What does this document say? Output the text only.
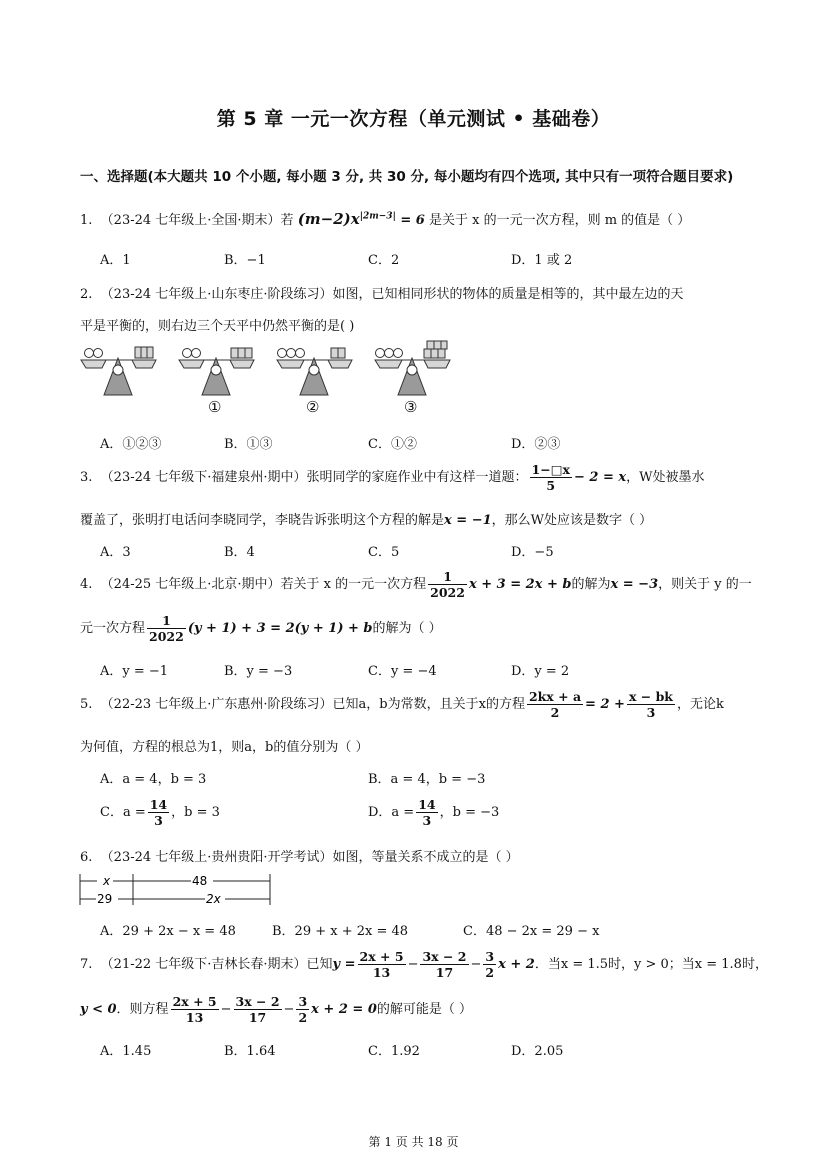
第 5 章 一元一次方程（单元测试 • 基础卷）
一、选择题(本大题共 10 个小题, 每小题 3 分, 共 30 分, 每小题均有四个选项, 其中只有一项符合题目要求)
1. （23-24 七年级上·全国·期末）若 $(m-2)x^{|2m-3|} = 6$ 是关于 x 的一元一次方程，则 m 的值是（ ）
A．1	B．−1	C．2	D．1 或 2
2. （23-24 七年级上·山东枣庄·阶段练习）如图，已知相同形状的物体的质量是相等的，其中最左边的天
平是平衡的，则右边三个天平中仍然平衡的是( )
①	②	③
A．①②③	B．①③	C．①②	D．②③
3. （23-24 七年级下·福建泉州·期中）张明同学的家庭作业中有这样一道题： $\frac{1-□x}{5} - 2 = x$，W处被墨水
覆盖了，张明打电话问李晓同学，李晓告诉张明这个方程的解是x = −1，那么W处应该是数字（ ）
A．3	B．4	C．5	D．−5
4. （24-25 七年级上·北京·期中）若关于 x 的一元一次方程 $\frac{1}{2022}$ x + 3 = 2x + b的解为x = −3，则关于 y 的一
元一次方程 $\frac{1}{2022} (y + 1) + 3 = 2(y + 1) + b$的解为（ ）
A．y = −1	B．y = −3	C．y = −4	D．y = 2
5. （22-23 七年级上·广东惠州·阶段练习）已知a，b为常数，且关于x的方程 $\frac{2kx + a}{2} = 2 + \frac{x - bk}{3}$ ，无论k
为何值，方程的根总为1，则a，b的值分别为（ ）
A．a = 4，b = 3	B．a = 4，b = −3
C．$a = \frac{14}{3}$ ，b = 3	D．$a = \frac{14}{3}$ ，b = −3
6. （23-24 七年级上·贵州贵阳·开学考试）如图，等量关系不成立的是（ ）
x	48
29	2x
A．29 + 2x − x = 48	B．29 + x + 2x = 48	C．48 − 2x = 29 − x
7. （21-22 七年级下·吉林长春·期末）已知$y = \frac{2x + 5}{13} - \frac{3x - 2}{17} - \frac{3}{2}$ x + 2．当x = 1.5时，y > 0；当x = 1.8时，
y < 0．则方程 $\frac{2x + 5}{13} - \frac{3x - 2}{17} - \frac{3}{2}$ x + 2 = 0的解可能是（ ）
A．1.45	B．1.64	C．1.92	D．2.05
第 1 页 共 18 页
